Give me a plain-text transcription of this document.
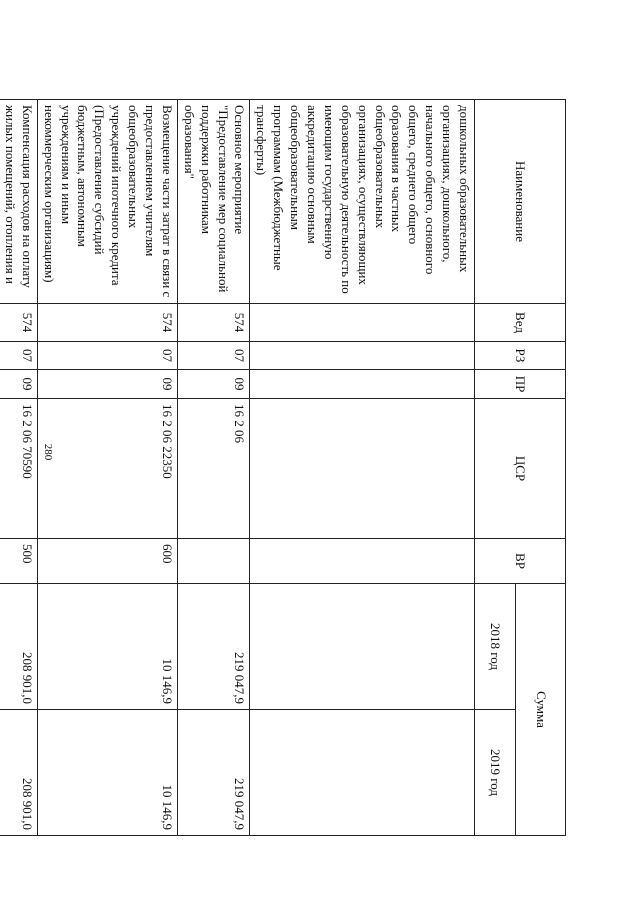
280
Наименование	Вед	РЗ	ПР	ЦСР	ВР	Сумма	
						2018 год	2019 год
дошкольных образовательных организациях, дошкольного, начального общего, основного общего, среднего общего образования в частных общеобразовательных организациях, осуществляющих образовательную деятельность по имеющим государственную аккредитацию основным общеобразовательным программам (Межбюджетные трансферты)							
Основное мероприятие "Предоставление мер социальной поддержки работникам образования"	574	07	09	16 2 06		219 047,9	219 047,9
Возмещение части затрат в связи с предоставлением учителям общеобразовательных учреждений ипотечного кредита (Предоставление субсидий бюджетным, автономным учреждениям и иным некоммерческим организациям)	574	07	09	16 2 06 22350	600	10 146,9	10 146,9
Компенсация расходов на оплату жилых помещений, отопления и	574	07	09	16 2 06 70590	500	208 901,0	208 901,0
